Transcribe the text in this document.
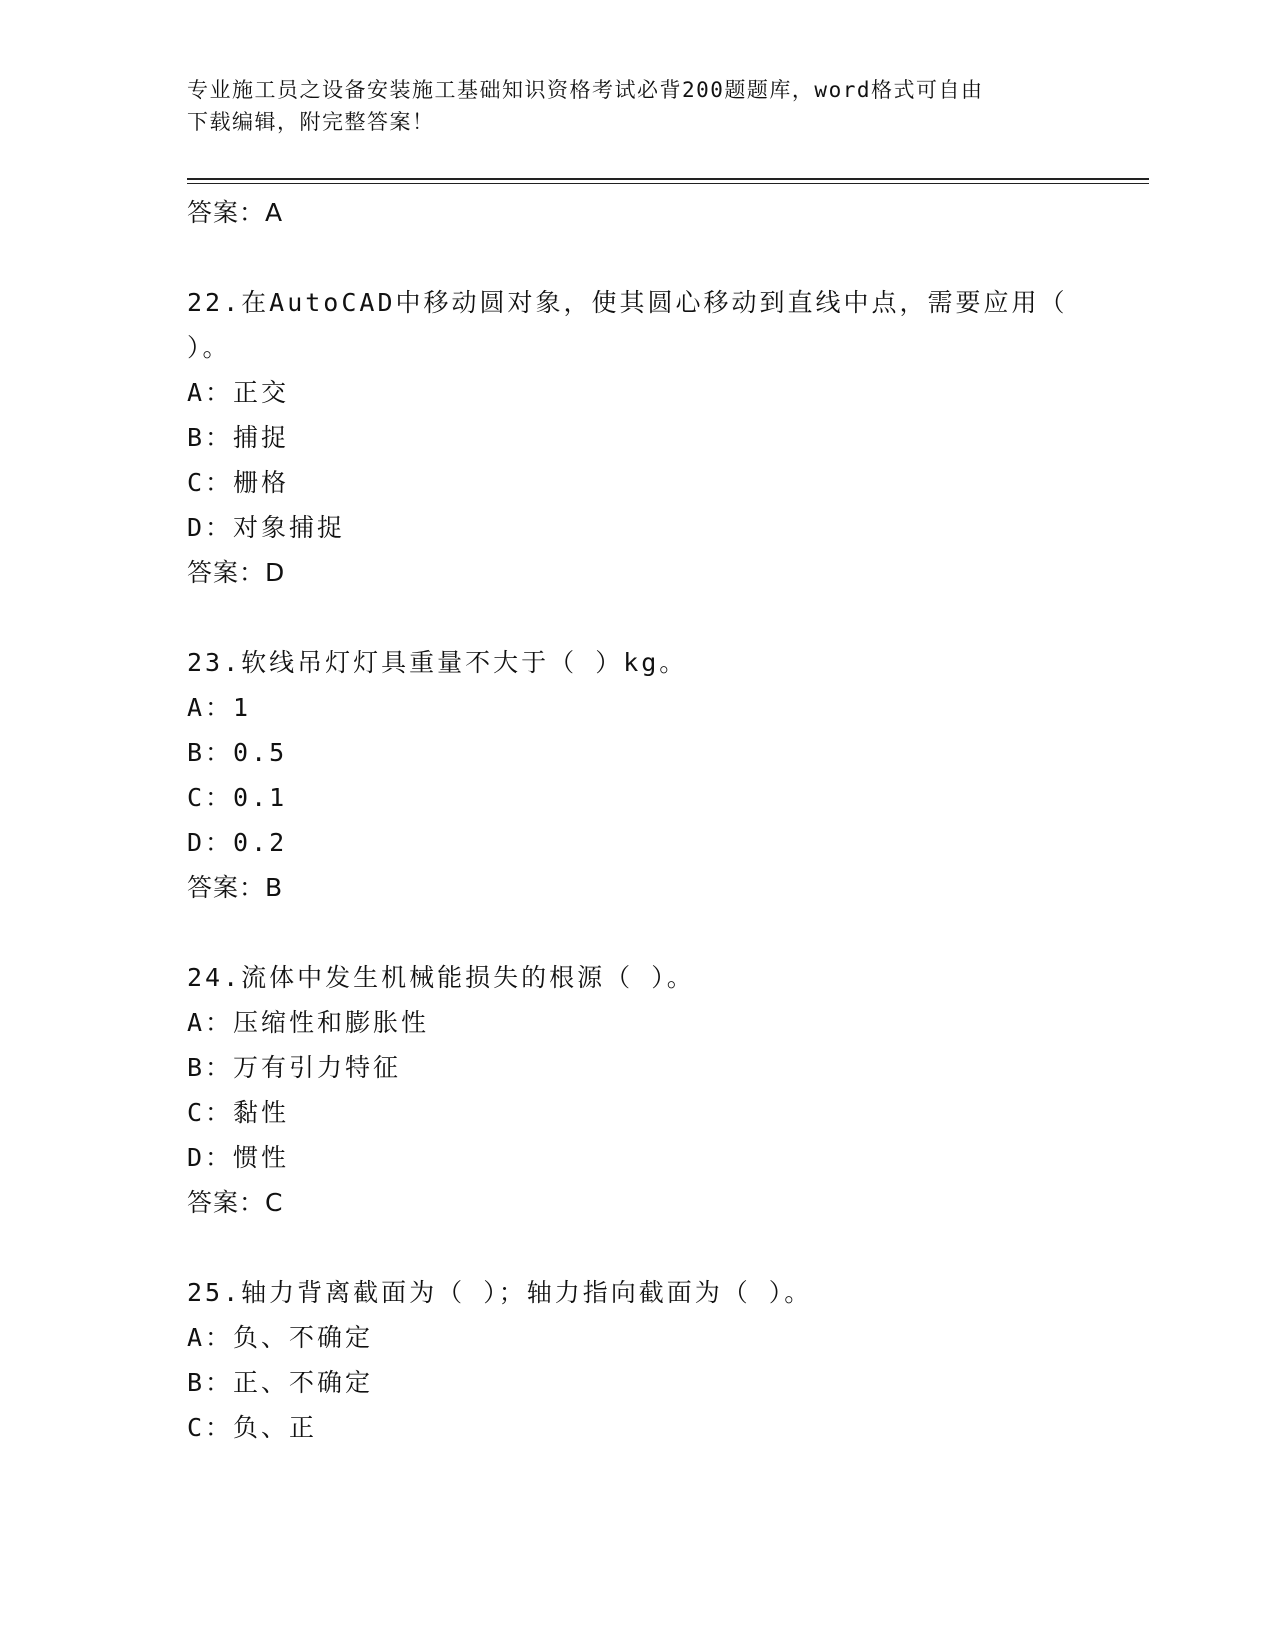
专业施工员之设备安装施工基础知识资格考试必背200题题库，word格式可自由
下载编辑，附完整答案！
答案：A
22.在AutoCAD中移动圆对象，使其圆心移动到直线中点，需要应用（
）。
A：正交
B：捕捉
C：栅格
D：对象捕捉
答案：D
23.软线吊灯灯具重量不大于（ ）kg。
A：1
B：0.5
C：0.1
D：0.2
答案：B
24.流体中发生机械能损失的根源（ ）。
A：压缩性和膨胀性
B：万有引力特征
C：黏性
D：惯性
答案：C
25.轴力背离截面为（ ）；轴力指向截面为（ ）。
A：负、不确定
B：正、不确定
C：负、正
